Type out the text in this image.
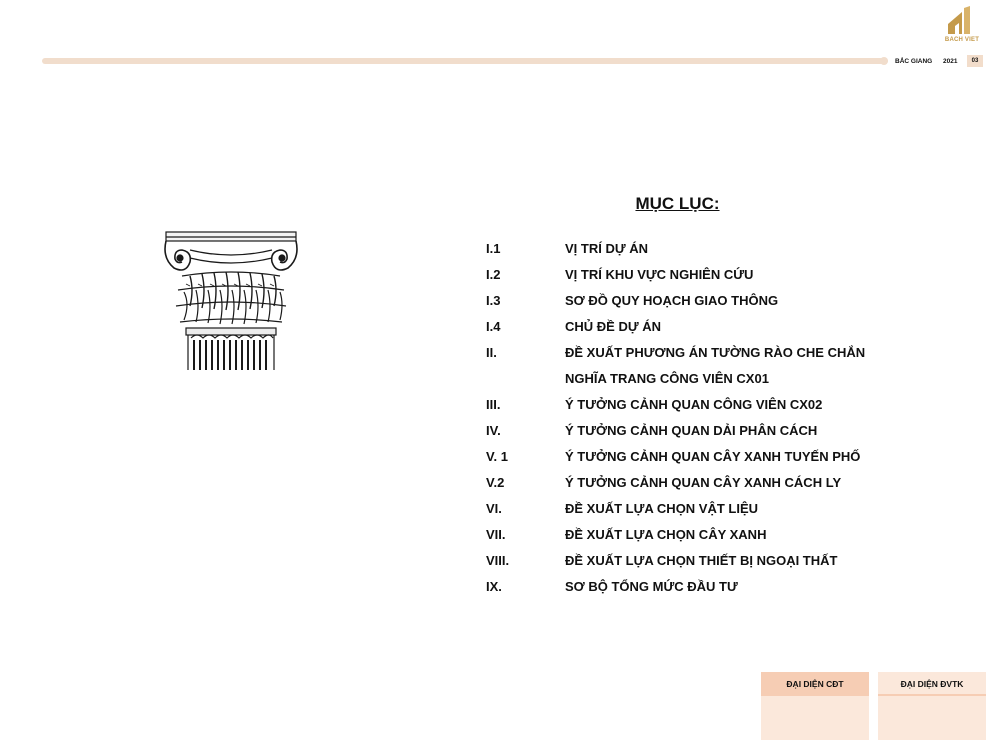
BACH VIET
BẮC GIANG	2021	03
MỤC LỤC:
I.1	VỊ TRÍ DỰ ÁN
I.2	VỊ TRÍ KHU VỰC NGHIÊN CỨU
I.3	SƠ ĐỒ QUY HOẠCH GIAO THÔNG
I.4	CHỦ ĐỀ DỰ ÁN
II.	ĐỀ XUẤT PHƯƠNG ÁN TƯỜNG RÀO CHE CHẮN NGHĨA TRANG CÔNG VIÊN CX01
III.	Ý TƯỞNG CẢNH QUAN CÔNG VIÊN CX02
IV.	Ý TƯỞNG CẢNH QUAN DẢI PHÂN CÁCH
V. 1	Ý TƯỞNG CẢNH QUAN CÂY XANH TUYẾN PHỐ
V.2	Ý TƯỞNG CẢNH QUAN CÂY XANH CÁCH LY
VI.	ĐỀ XUẤT LỰA CHỌN VẬT LIỆU
VII.	ĐỀ XUẤT LỰA CHỌN CÂY XANH
VIII.	ĐỀ XUẤT LỰA CHỌN THIẾT BỊ NGOẠI THẤT
IX.	SƠ BỘ TỔNG MỨC ĐẦU TƯ
ĐẠI DIỆN CĐT	ĐẠI DIỆN ĐVTK
